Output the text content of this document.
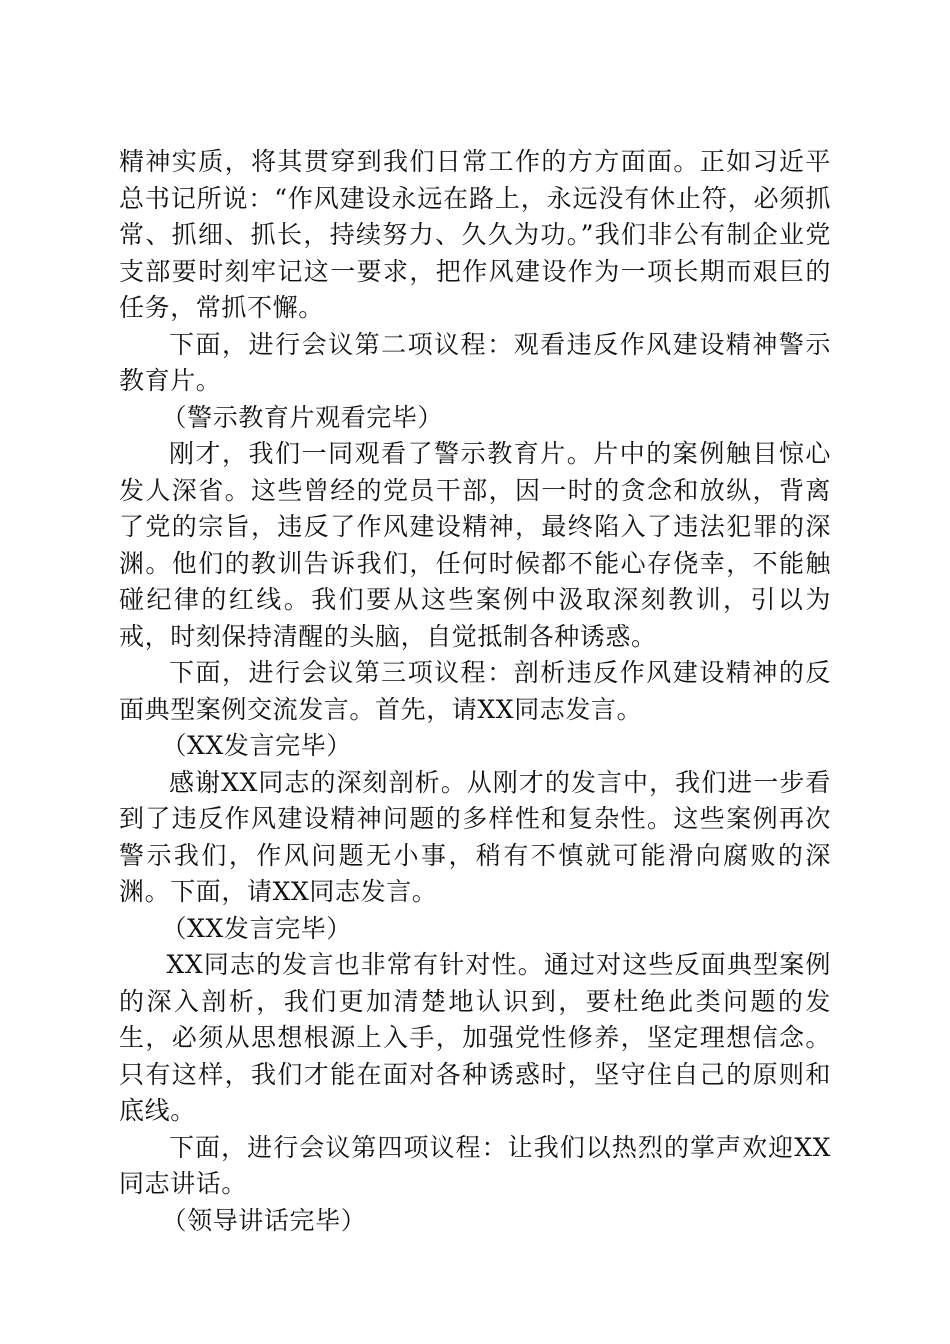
精神实质，将其贯穿到我们日常工作的方方面面。正如习近平总书记所说：“作风建设永远在路上，永远没有休止符，必须抓常、抓细、抓长，持续努力、久久为功。”我们非公有制企业党支部要时刻牢记这一要求，把作风建设作为一项长期而艰巨的任务，常抓不懈。

下面，进行会议第二项议程：观看违反作风建设精神警示教育片。

（警示教育片观看完毕）

刚才，我们一同观看了警示教育片。片中的案例触目惊心发人深省。这些曾经的党员干部，因一时的贪念和放纵，背离了党的宗旨，违反了作风建设精神，最终陷入了违法犯罪的深渊。他们的教训告诉我们，任何时候都不能心存侥幸，不能触碰纪律的红线。我们要从这些案例中汲取深刻教训，引以为戒，时刻保持清醒的头脑，自觉抵制各种诱惑。

下面，进行会议第三项议程：剖析违反作风建设精神的反面典型案例交流发言。首先，请XX同志发言。

（XX发言完毕）

感谢XX同志的深刻剖析。从刚才的发言中，我们进一步看到了违反作风建设精神问题的多样性和复杂性。这些案例再次警示我们，作风问题无小事，稍有不慎就可能滑向腐败的深渊。下面，请XX同志发言。

（XX发言完毕）

XX同志的发言也非常有针对性。通过对这些反面典型案例的深入剖析，我们更加清楚地认识到，要杜绝此类问题的发生，必须从思想根源上入手，加强党性修养，坚定理想信念。只有这样，我们才能在面对各种诱惑时，坚守住自己的原则和底线。

下面，进行会议第四项议程：让我们以热烈的掌声欢迎XX同志讲话。

（领导讲话完毕）
